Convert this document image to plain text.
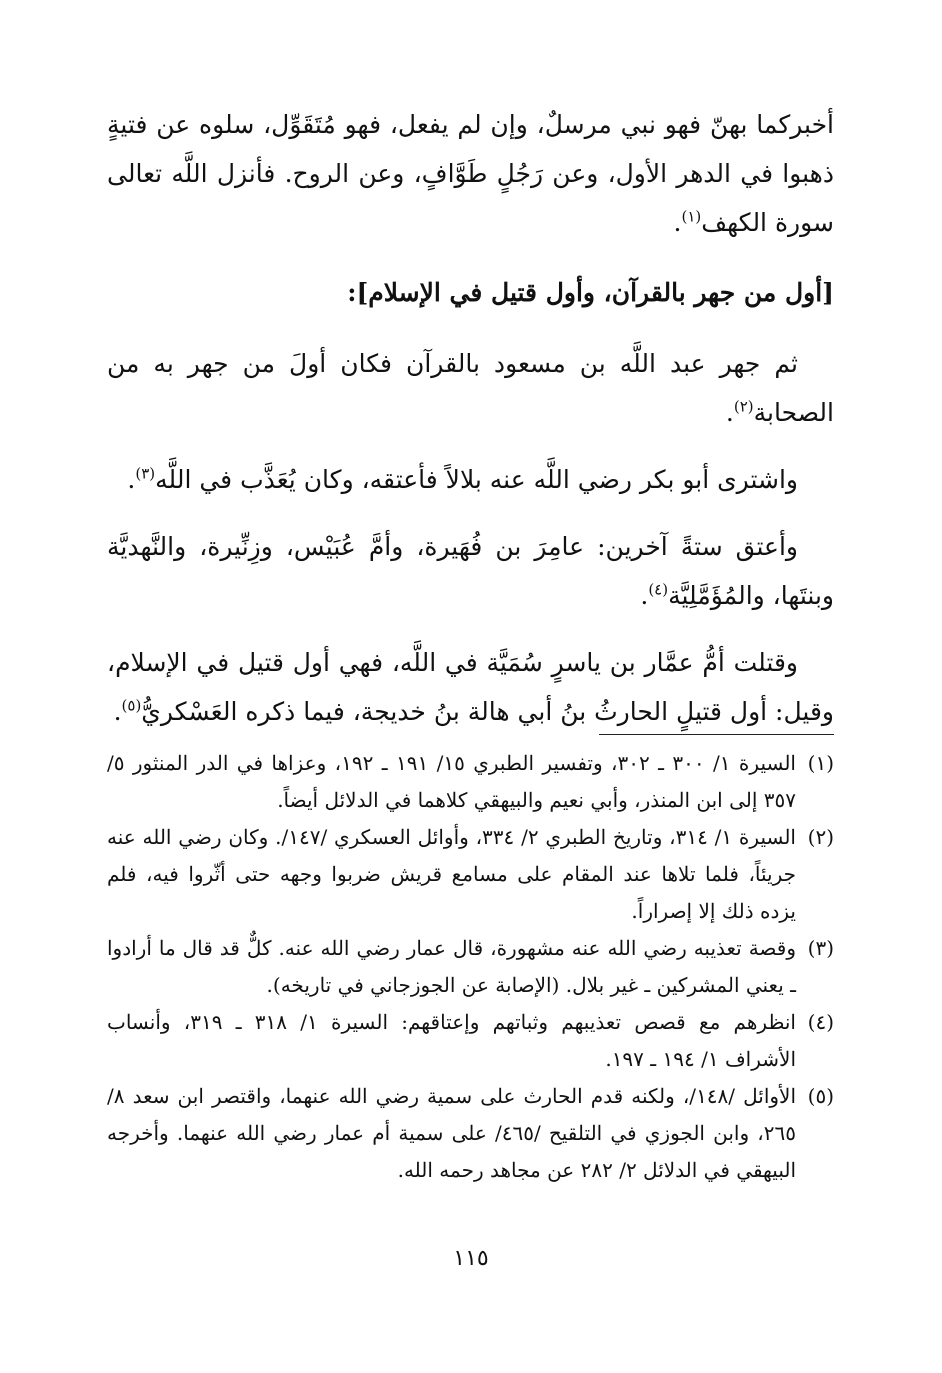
أخبركما بهنّ فهو نبي مرسلٌ، وإن لم يفعل، فهو مُتَقَوِّل، سلوه عن فتيةٍ ذهبوا في الدهر الأول، وعن رَجُلٍ طَوَّافٍ، وعن الروح. فأنزل اللَّه تعالى سورة الكهف$^{(١)}$.

[أول من جهر بالقرآن، وأول قتيل في الإسلام]:

ثم جهر عبد اللَّه بن مسعود بالقرآن فكان أولَ من جهر به من الصحابة$^{(٢)}$.

واشترى أبو بكر رضي اللَّه عنه بلالاً فأعتقه، وكان يُعَذَّب في اللَّه$^{(٣)}$.

وأعتق ستةً آخرين: عامِرَ بن فُهَيرة، وأمَّ عُبَيْس، وزِنِّيرة، والنَّهديَّة وبنتَها، والمُؤَمَّلِيَّة$^{(٤)}$.

وقتلت أمُّ عمَّار بن ياسرٍ سُمَيَّة في اللَّه، فهي أول قتيل في الإسلام، وقيل: أول قتيلٍ الحارثُ بنُ أبي هالة بنُ خديجة، فيما ذكره العَسْكريُّ$^{(٥)}$.

(١)
السيرة ١/ ٣٠٠ ـ ٣٠٢، وتفسير الطبري ١٥/ ١٩١ ـ ١٩٢، وعزاها في الدر المنثور ٥/ ٣٥٧ إلى ابن المنذر، وأبي نعيم والبيهقي كلاهما في الدلائل أيضاً.
(٢)
السيرة ١/ ٣١٤، وتاريخ الطبري ٢/ ٣٣٤، وأوائل العسكري /١٤٧/. وكان رضي الله عنه جريئاً، فلما تلاها عند المقام على مسامع قريش ضربوا وجهه حتى أثّروا فيه، فلم يزده ذلك إلا إصراراً.
(٣)
وقصة تعذيبه رضي الله عنه مشهورة، قال عمار رضي الله عنه. كلٌّ قد قال ما أرادوا ـ يعني المشركين ـ غير بلال. (الإصابة عن الجوزجاني في تاريخه).
(٤)
انظرهم مع قصص تعذيبهم وثباتهم وإعتاقهم: السيرة ١/ ٣١٨ ـ ٣١٩، وأنساب الأشراف ١/ ١٩٤ ـ ١٩٧.
(٥)
الأوائل /١٤٨/، ولكنه قدم الحارث على سمية رضي الله عنهما، واقتصر ابن سعد ٨/ ٢٦٥، وابن الجوزي في التلقيح /٤٦٥/ على سمية أم عمار رضي الله عنهما. وأخرجه البيهقي في الدلائل ٢/ ٢٨٢ عن مجاهد رحمه الله.
١١٥
